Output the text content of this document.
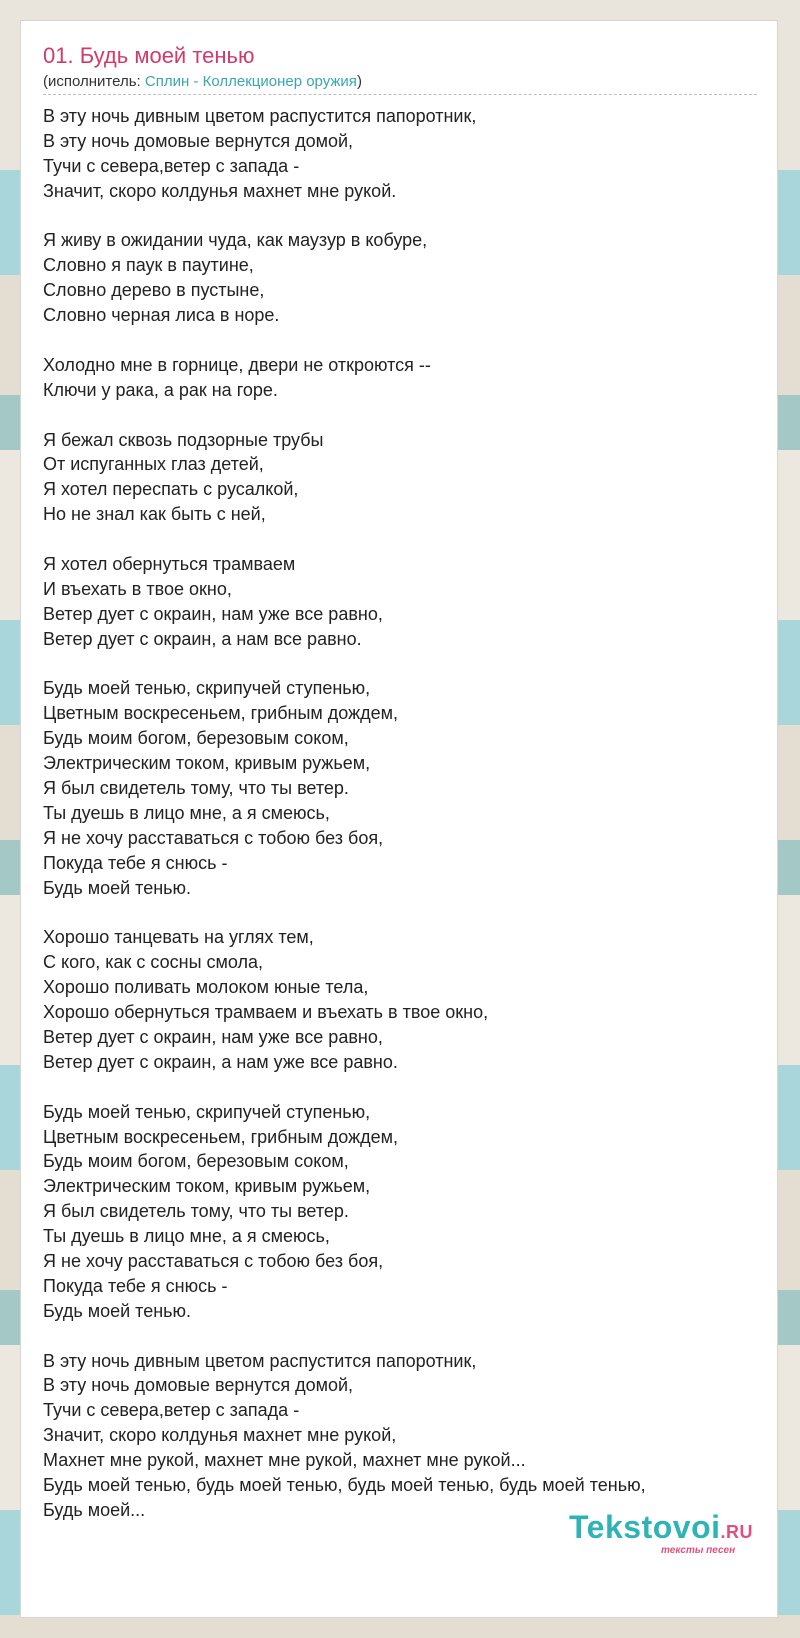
01. Будь моей тенью
(исполнитель: Сплин - Коллекционер оружия)
В эту ночь дивным цветом распустится папоротник,
В эту ночь домовые вернутся домой,
Тучи с севера,ветер с запада -
Значит, скоро колдунья махнет мне рукой.
Я живу в ожидании чуда, как маузур в кобуре,
Словно я паук в паутине,
Словно дерево в пустыне,
Словно черная лиса в норе.
Холодно мне в горнице, двери не откроются --
Ключи у рака, а рак на горе.
Я бежал сквозь подзорные трубы
От испуганных глаз детей,
Я хотел переспать с русалкой,
Но не знал как быть с ней,
Я хотел обернуться трамваем
И въехать в твое окно,
Ветер дует с окраин, нам уже все равно,
Ветер дует с окраин, а нам все равно.
Будь моей тенью, скрипучей ступенью,
Цветным воскресеньем, грибным дождем,
Будь моим богом, березовым соком,
Электрическим током, кривым ружьем,
Я был свидетель тому, что ты ветер.
Ты дуешь в лицо мне, а я смеюсь,
Я не хочу расставаться с тобою без боя,
Покуда тебе я снюсь -
Будь моей тенью.
Хорошо танцевать на углях тем,
С кого, как с сосны смола,
Хорошо поливать молоком юные тела,
Хорошо обернуться трамваем и въехать в твое окно,
Ветер дует с окраин, нам уже все равно,
Ветер дует с окраин, а нам уже все равно.
Будь моей тенью, скрипучей ступенью,
Цветным воскресеньем, грибным дождем,
Будь моим богом, березовым соком,
Электрическим током, кривым ружьем,
Я был свидетель тому, что ты ветер.
Ты дуешь в лицо мне, а я смеюсь,
Я не хочу расставаться с тобою без боя,
Покуда тебе я снюсь -
Будь моей тенью.
В эту ночь дивным цветом распустится папоротник,
В эту ночь домовые вернутся домой,
Тучи с севера,ветер с запада -
Значит, скоро колдунья махнет мне рукой,
Махнет мне рукой, махнет мне рукой, махнет мне рукой...
Будь моей тенью, будь моей тенью, будь моей тенью, будь моей тенью,
Будь моей...	Tekstovoi.RU
тексты песен
